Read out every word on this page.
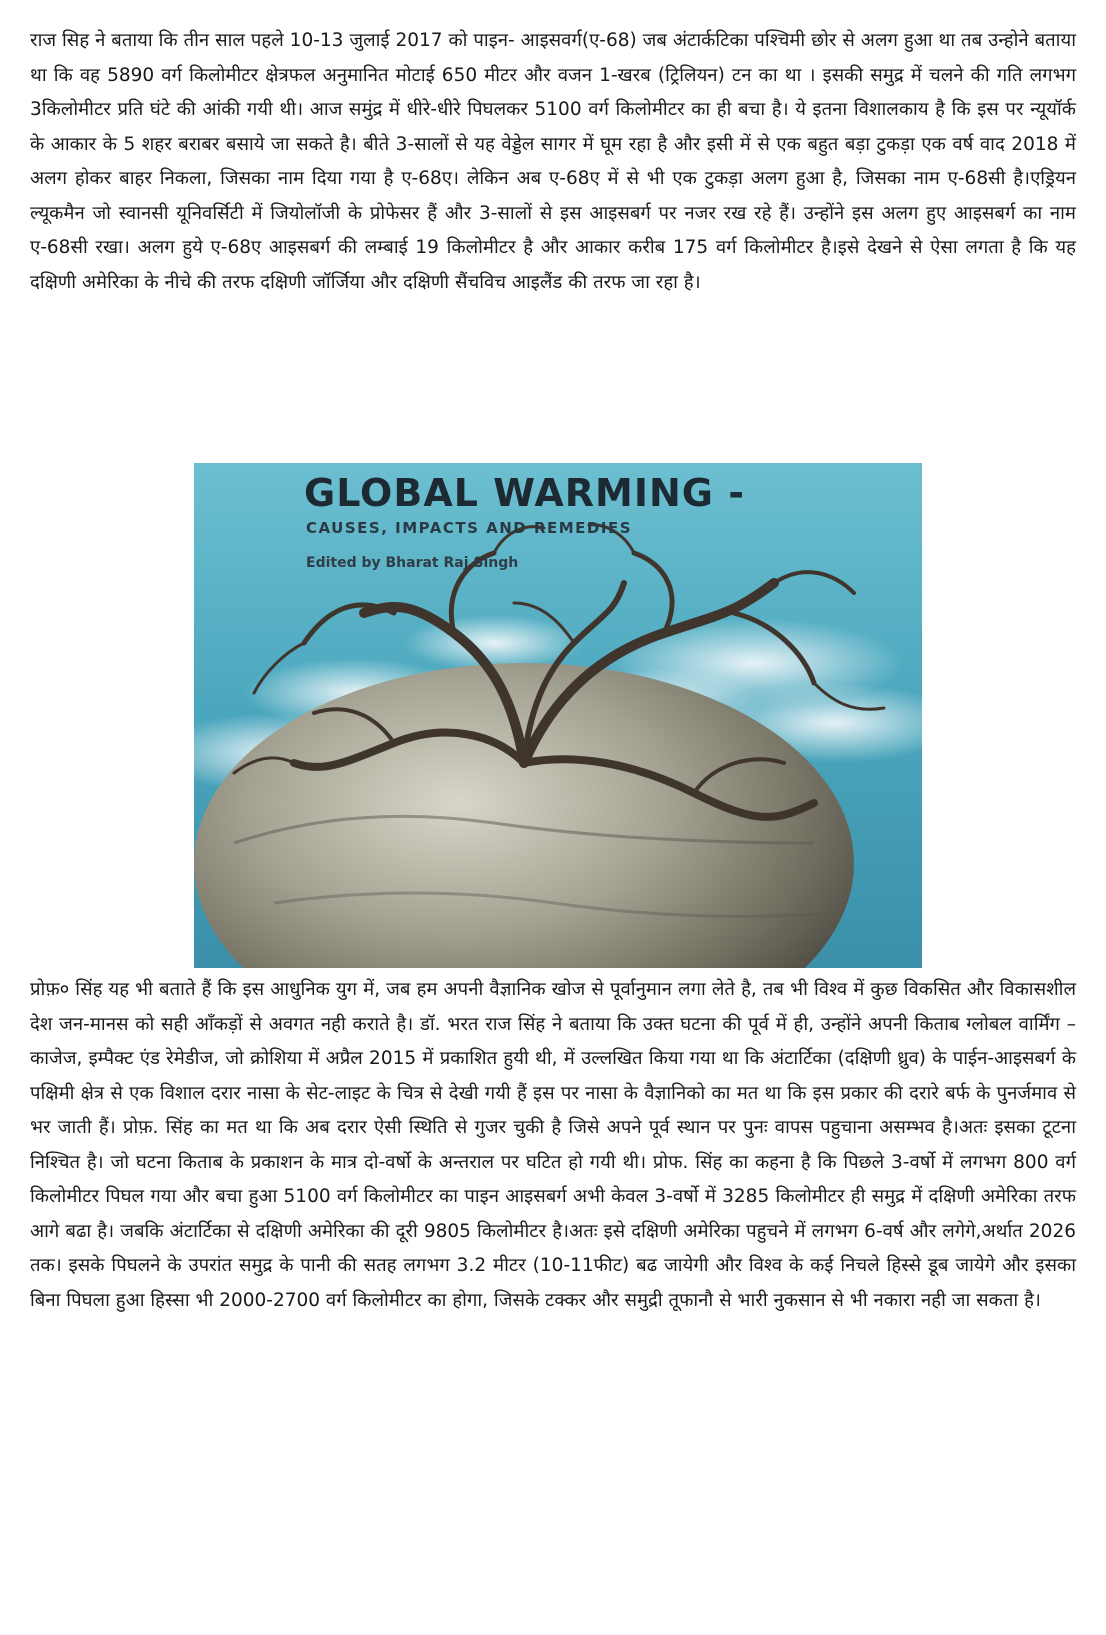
राज सिह ने बताया कि तीन साल पहले 10-13 जुलाई 2017 को पाइन- आइसवर्ग(ए-68) जब अंटार्कटिका पश्चिमी छोर से अलग हुआ था तब उन्होने बताया था कि वह 5890 वर्ग किलोमीटर क्षेत्रफल अनुमानित मोटाई 650 मीटर और वजन 1-खरब (ट्रिलियन) टन का था । इसकी समुद्र में चलने की गति लगभग 3किलोमीटर प्रति घंटे की आंकी गयी थी। आज समुंद्र में धीरे-धीरे पिघलकर 5100 वर्ग किलोमीटर का ही बचा है। ये इतना विशालकाय है कि इस पर न्यूयॉर्क के आकार के 5 शहर बराबर बसाये जा सकते है। बीते 3-सालों से यह वेड्डेल सागर में घूम रहा है और इसी में से एक बहुत बड़ा टुकड़ा एक वर्ष वाद 2018 में अलग होकर बाहर निकला, जिसका नाम दिया गया है ए-68ए। लेकिन अब ए-68ए में से भी एक टुकड़ा अलग हुआ है, जिसका नाम ए-68सी है।एड्रियन ल्यूकमैन जो स्वानसी यूनिवर्सिटी में जियोलॉजी के प्रोफेसर हैं और 3-सालों से इस आइसबर्ग पर नजर रख रहे हैं। उन्होंने इस अलग हुए आइसबर्ग का नाम ए-68सी रखा। अलग हुये ए-68ए आइसबर्ग की लम्बाई 19 किलोमीटर है और आकार करीब 175 वर्ग किलोमीटर है।इसे देखने से ऐसा लगता है कि यह दक्षिणी अमेरिका के नीचे की तरफ दक्षिणी जॉर्जिया और दक्षिणी सैंचविच आइलैंड की तरफ जा रहा है।

GLOBAL WARMING -
CAUSES, IMPACTS AND REMEDIES
Edited by Bharat Raj Singh

प्रोफ़० सिंह यह भी बताते हैं कि इस आधुनिक युग में, जब हम अपनी वैज्ञानिक खोज से पूर्वानुमान लगा लेते है, तब भी विश्व में कुछ विकसित और विकासशील देश जन-मानस को सही आँकड़ों से अवगत नही कराते है। डॉ. भरत राज सिंह ने बताया कि उक्त घटना की पूर्व में ही, उन्होंने अपनी किताब ग्लोबल वार्मिंग –काजेज, इम्पैक्ट एंड रेमेडीज, जो क्रोशिया में अप्रैल 2015 में प्रकाशित हुयी थी, में उल्लखित किया गया था कि अंटार्टिका (दक्षिणी ध्रुव) के पाईन-आइसबर्ग के पक्षिमी क्षेत्र से एक विशाल दरार नासा के सेट-लाइट के चित्र से देखी गयी हैं इस पर नासा के वैज्ञानिको का मत था कि इस प्रकार की दरारे बर्फ के पुनर्जमाव से भर जाती हैं। प्रोफ़. सिंह का मत था कि अब दरार ऐसी स्थिति से गुजर चुकी है जिसे अपने पूर्व स्थान पर पुनः वापस पहुचाना असम्भव है।अतः इसका टूटना निश्चित है। जो घटना किताब के प्रकाशन के मात्र दो-वर्षो के अन्तराल पर घटित हो गयी थी। प्रोफ. सिंह का कहना है कि पिछले 3-वर्षो में लगभग 800 वर्ग किलोमीटर पिघल गया और बचा हुआ 5100 वर्ग किलोमीटर का पाइन आइसबर्ग अभी केवल 3-वर्षो में 3285 किलोमीटर ही समुद्र में दक्षिणी अमेरिका तरफ आगे बढा है। जबकि अंटार्टिका से दक्षिणी अमेरिका की दूरी 9805 किलोमीटर है।अतः इसे दक्षिणी अमेरिका पहुचने में लगभग 6-वर्ष और लगेगे,अर्थात 2026 तक। इसके पिघलने के उपरांत समुद्र के पानी की सतह लगभग 3.2 मीटर (10-11फीट) बढ जायेगी और विश्व के कई निचले हिस्से डूब जायेगे और इसका बिना पिघला हुआ हिस्सा भी 2000-2700 वर्ग किलोमीटर का होगा, जिसके टक्कर और समुद्री तूफानौ से भारी नुकसान से भी नकारा नही जा सकता है।
